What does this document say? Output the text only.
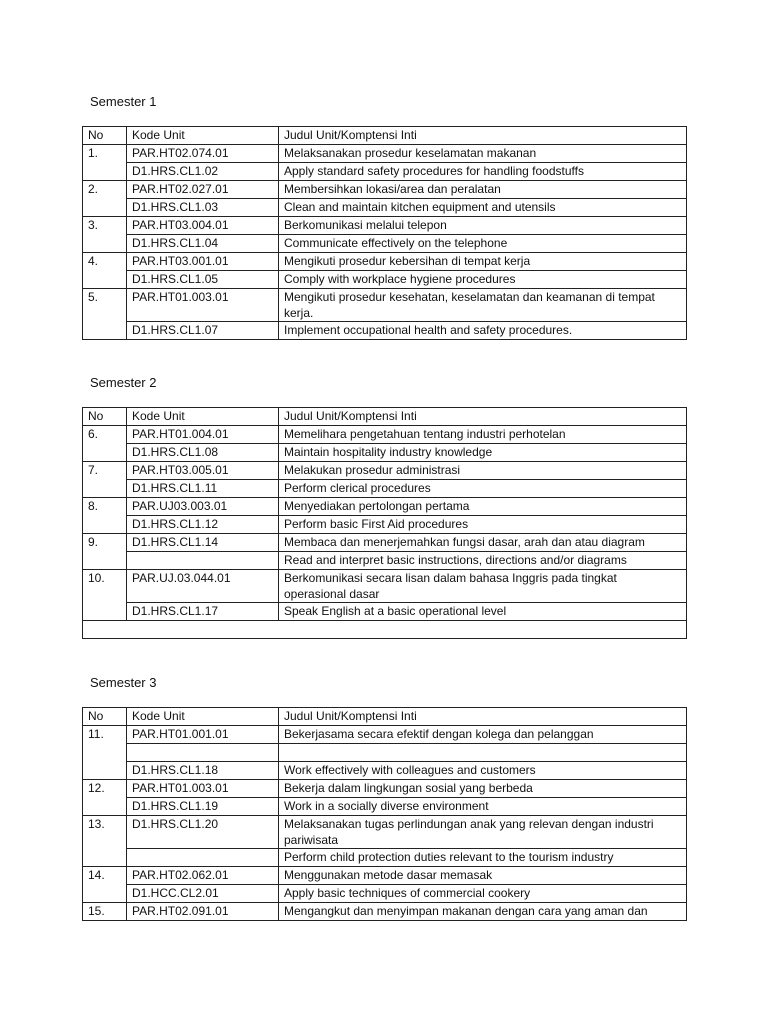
Semester 1
No	Kode Unit	Judul Unit/Komptensi Inti
1.	PAR.HT02.074.01	Melaksanakan prosedur keselamatan makanan
	D1.HRS.CL1.02	Apply standard safety procedures for handling foodstuffs
2.	PAR.HT02.027.01	Membersihkan lokasi/area dan peralatan
	D1.HRS.CL1.03	Clean and maintain kitchen equipment and utensils
3.	PAR.HT03.004.01	Berkomunikasi melalui telepon
	D1.HRS.CL1.04	Communicate effectively on the telephone
4.	PAR.HT03.001.01	Mengikuti prosedur kebersihan di tempat kerja
	D1.HRS.CL1.05	Comply with workplace hygiene procedures
5.	PAR.HT01.003.01	Mengikuti prosedur kesehatan, keselamatan dan keamanan di tempat kerja.
	D1.HRS.CL1.07	Implement occupational health and safety procedures.
Semester 2
No	Kode Unit	Judul Unit/Komptensi Inti
6.	PAR.HT01.004.01	Memelihara pengetahuan tentang industri perhotelan
	D1.HRS.CL1.08	Maintain hospitality industry knowledge
7.	PAR.HT03.005.01	Melakukan prosedur administrasi
	D1.HRS.CL1.11	Perform clerical procedures
8.	PAR.UJ03.003.01	Menyediakan pertolongan pertama
	D1.HRS.CL1.12	Perform basic First Aid procedures
9.	D1.HRS.CL1.14	Membaca dan menerjemahkan fungsi dasar, arah dan atau diagram
		Read and interpret basic instructions, directions and/or diagrams
10.	PAR.UJ.03.044.01	Berkomunikasi secara lisan dalam bahasa Inggris pada tingkat operasional dasar
	D1.HRS.CL1.17	Speak English at a basic operational level

Semester 3
No	Kode Unit	Judul Unit/Komptensi Inti
11.	PAR.HT01.001.01	Bekerjasama secara efektif dengan kolega dan pelanggan

	D1.HRS.CL1.18	Work effectively with colleagues and customers
12.	PAR.HT01.003.01	Bekerja dalam lingkungan sosial yang berbeda
	D1.HRS.CL1.19	Work in a socially diverse environment
13.	D1.HRS.CL1.20	Melaksanakan tugas perlindungan anak yang relevan dengan industri pariwisata
		Perform child protection duties relevant to the tourism industry
14.	PAR.HT02.062.01	Menggunakan metode dasar memasak
	D1.HCC.CL2.01	Apply basic techniques of commercial cookery
15.	PAR.HT02.091.01	Mengangkut dan menyimpan makanan dengan cara yang aman dan
